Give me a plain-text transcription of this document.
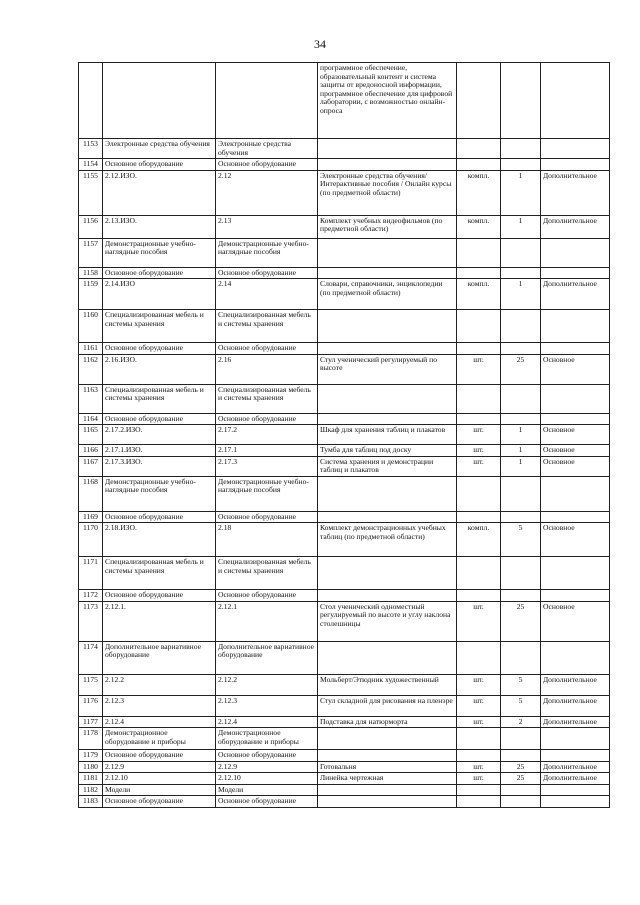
34
			программное обеспечение, образовательный контент и система защиты от вредоносной информации, программное обеспечение для цифровой лаборатории, с возможностью онлайн-опроса			
1153	Электронные средства обучения	Электронные средства обучения				
1154	Основное оборудование	Основное оборудование				
1155	2.12.ИЗО.	2.12	Электронные средства обучения/Интерактивные пособия / Онлайн курсы (по предметной области)	компл.	1	Дополнительное
1156	2.13.ИЗО.	2.13	Комплект учебных видеофильмов (по предметной области)	компл.	1	Дополнительное
1157	Демонстрационные учебно-наглядные пособия	Демонстрационные учебно-наглядные пособия				
1158	Основное оборудование	Основное оборудование				
1159	2.14.ИЗО	2.14	Словари, справочники, энциклопедии (по предметной области)	компл.	1	Дополнительное
1160	Специализированная мебель и системы хранения	Специализированная мебель и системы хранения				
1161	Основное оборудование	Основное оборудование				
1162	2.16.ИЗО.	2.16	Стул ученический регулируемый по высоте	шт.	25	Основное
1163	Специализированная мебель и системы хранения	Специализированная мебель и системы хранения				
1164	Основное оборудование	Основное оборудование				
1165	2.17.2.ИЗО.	2.17.2	Шкаф для хранения таблиц и плакатов	шт.	1	Основное
1166	2.17.1.ИЗО.	2.17.1	Тумба для таблиц под доску	шт.	1	Основное
1167	2.17.3.ИЗО.	2.17.3	Система хранения и демонстрации таблиц и плакатов	шт.	1	Основное
1168	Демонстрационные учебно-наглядные пособия	Демонстрационные учебно-наглядные пособия				
1169	Основное оборудование	Основное оборудование				
1170	2.18.ИЗО.	2.18	Комплект демонстрационных учебных таблиц (по предметной области)	компл.	5	Основное
1171	Специализированная мебель и системы хранения	Специализированная мебель и системы хранения				
1172	Основное оборудование	Основное оборудование				
1173	2.12.1.	2.12.1	Стол ученический одноместный регулируемый по высоте и углу наклона столешницы	шт.	25	Основное
1174	Дополнительное вариативное оборудование	Дополнительное вариативное оборудование				
1175	2.12.2	2.12.2	Мольберт/Этюдник художественный	шт.	5	Дополнительное
1176	2.12.3	2.12.3	Стул складной для рисования на пленэре	шт.	5	Дополнительное
1177	2.12.4	2.12.4	Подставка для натюрморта	шт.	2	Дополнительное
1178	Демонстрационное оборудование и приборы	Демонстрационное оборудование и приборы				
1179	Основное оборудование	Основное оборудование				
1180	2.12.9	2.12.9	Готовальня	шт.	25	Дополнительное
1181	2.12.10	2.12.10	Линейка чертежная	шт.	25	Дополнительное
1182	Модели	Модели				
1183	Основное оборудование	Основное оборудование				
